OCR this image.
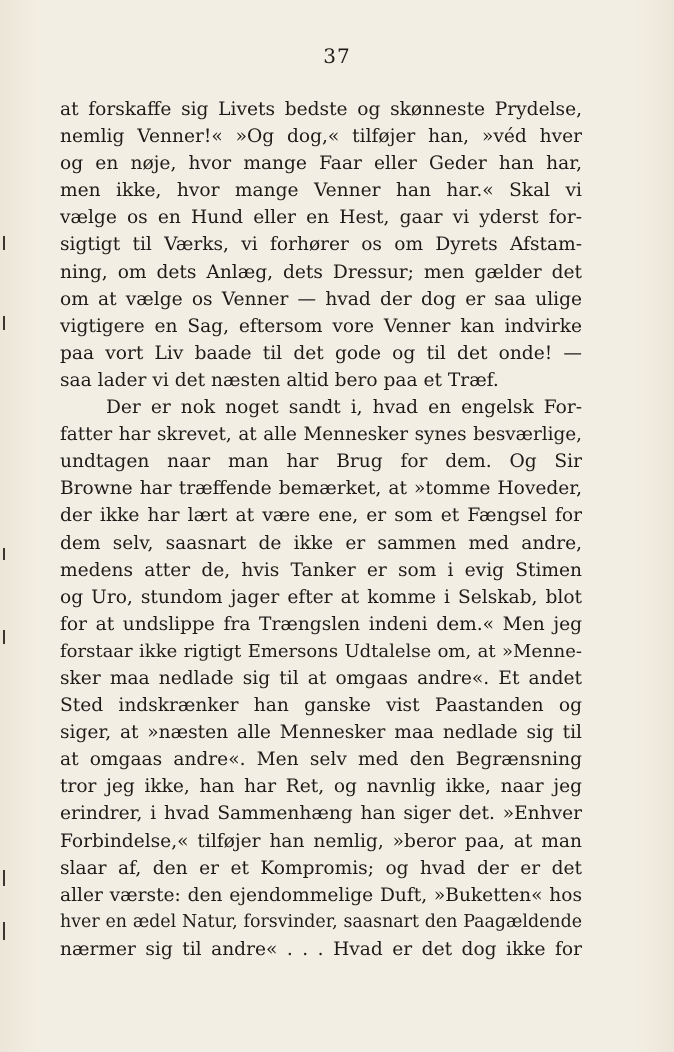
37
at forskaffe sig Livets bedste og skønneste Prydelse,
nemlig Venner!« »Og dog,« tilføjer han, »véd hver
og en nøje, hvor mange Faar eller Geder han har,
men ikke, hvor mange Venner han har.« Skal vi
vælge os en Hund eller en Hest, gaar vi yderst for-
sigtigt til Værks, vi forhører os om Dyrets Afstam-
ning, om dets Anlæg, dets Dressur; men gælder det
om at vælge os Venner — hvad der dog er saa ulige
vigtigere en Sag, eftersom vore Venner kan indvirke
paa vort Liv baade til det gode og til det onde! —
saa lader vi det næsten altid bero paa et Træf.
Der er nok noget sandt i, hvad en engelsk For-
fatter har skrevet, at alle Mennesker synes besværlige,
undtagen naar man har Brug for dem. Og Sir
Browne har træffende bemærket, at »tomme Hoveder,
der ikke har lært at være ene, er som et Fængsel for
dem selv, saasnart de ikke er sammen med andre,
medens atter de, hvis Tanker er som i evig Stimen
og Uro, stundom jager efter at komme i Selskab, blot
for at undslippe fra Trængslen indeni dem.« Men jeg
forstaar ikke rigtigt Emersons Udtalelse om, at »Menne-
sker maa nedlade sig til at omgaas andre«. Et andet
Sted indskrænker han ganske vist Paastanden og
siger, at »næsten alle Mennesker maa nedlade sig til
at omgaas andre«. Men selv med den Begrænsning
tror jeg ikke, han har Ret, og navnlig ikke, naar jeg
erindrer, i hvad Sammenhæng han siger det. »Enhver
Forbindelse,« tilføjer han nemlig, »beror paa, at man
slaar af, den er et Kompromis; og hvad der er det
aller værste: den ejendommelige Duft, »Buketten« hos
hver en ædel Natur, forsvinder, saasnart den Paagældende
nærmer sig til andre« . . . Hvad er det dog ikke for
